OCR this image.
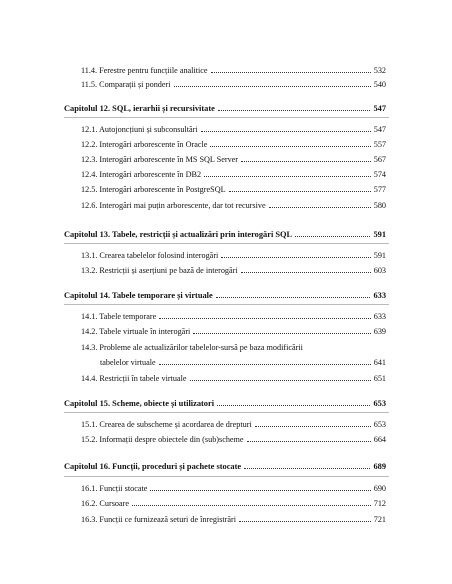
11.4. Ferestre pentru funcțiile analitice	532
11.5. Comparații și ponderi	540
Capitolul 12. SQL, ierarhii și recursivitate	547
12.1. Autojoncțiuni și subconsultări	547
12.2. Interogări arborescente în Oracle	557
12.3. Interogări arborescente în MS SQL Server	567
12.4. Interogări arborescente în DB2	574
12.5. Interogări arborescente în PostgreSQL	577
12.6. Interogări mai puțin arborescente, dar tot recursive	580
Capitolul 13. Tabele, restricții și actualizări prin interogări SQL	591
13.1. Crearea tabelelor folosind interogări	591
13.2. Restricții și aserțiuni pe bază de interogări	603
Capitolul 14. Tabele temporare și virtuale	633
14.1. Tabele temporare	633
14.2. Tabele virtuale în interogări	639
14.3. Probleme ale actualizărilor tabelelor-sursă pe baza modificării
tabelelor virtuale	641
14.4. Restricții în tabele virtuale	651
Capitolul 15. Scheme, obiecte și utilizatori	653
15.1. Crearea de subscheme și acordarea de drepturi	653
15.2. Informații despre obiectele din (sub)scheme	664
Capitolul 16. Funcții, proceduri și pachete stocate	689
16.1. Funcții stocate	690
16.2. Cursoare	712
16.3. Funcții ce furnizează seturi de înregistrări	721
